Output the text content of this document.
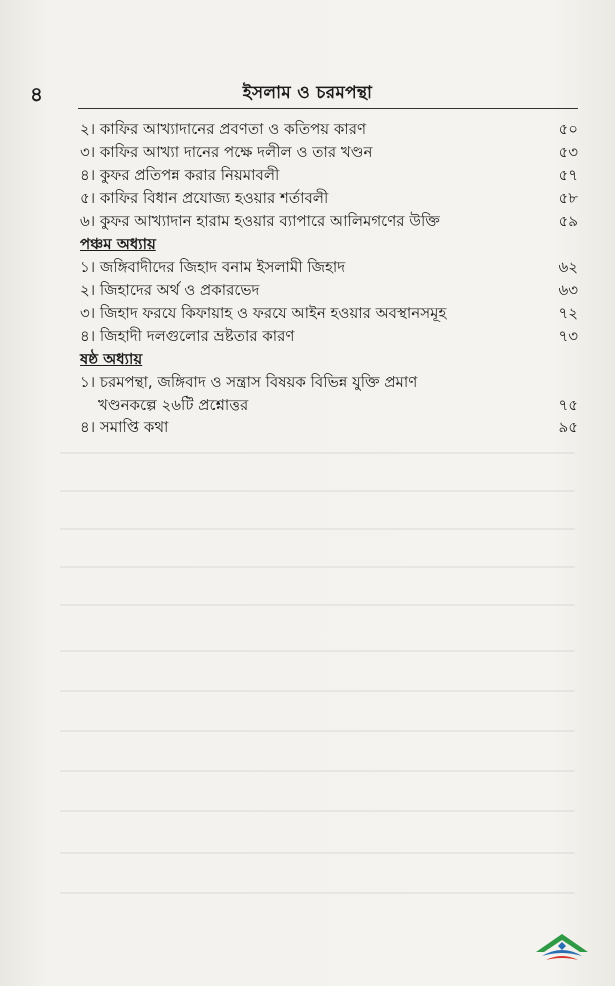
৪	ইসলাম ও চরমপন্থা
২। কাফির আখ্যাদানের প্রবণতা ও কতিপয় কারণ	৫০
৩। কাফির আখ্যা দানের পক্ষে দলীল ও তার খণ্ডন	৫৩
৪। কুফর প্রতিপন্ন করার নিয়মাবলী	৫৭
৫। কাফির বিধান প্রযোজ্য হওয়ার শর্তাবলী	৫৮
৬। কুফর আখ্যাদান হারাম হওয়ার ব্যাপারে আলিমগণের উক্তি	৫৯
পঞ্চম অধ্যায়
১। জঙ্গিবাদীদের জিহাদ বনাম ইসলামী জিহাদ	৬২
২। জিহাদের অর্থ ও প্রকারভেদ	৬৩
৩। জিহাদ ফরযে কিফায়াহ ও ফরযে আইন হওয়ার অবস্থানসমূহ	৭২
৪। জিহাদী দলগুলোর ভ্রষ্টতার কারণ	৭৩
ষষ্ঠ অধ্যায়
১। চরমপন্থা, জঙ্গিবাদ ও সন্ত্রাস বিষয়ক বিভিন্ন যুক্তি প্রমাণ
খণ্ডনকল্পে ২৬টি প্রশ্নোত্তর	৭৫
৪। সমাপ্তি কথা	৯৫
